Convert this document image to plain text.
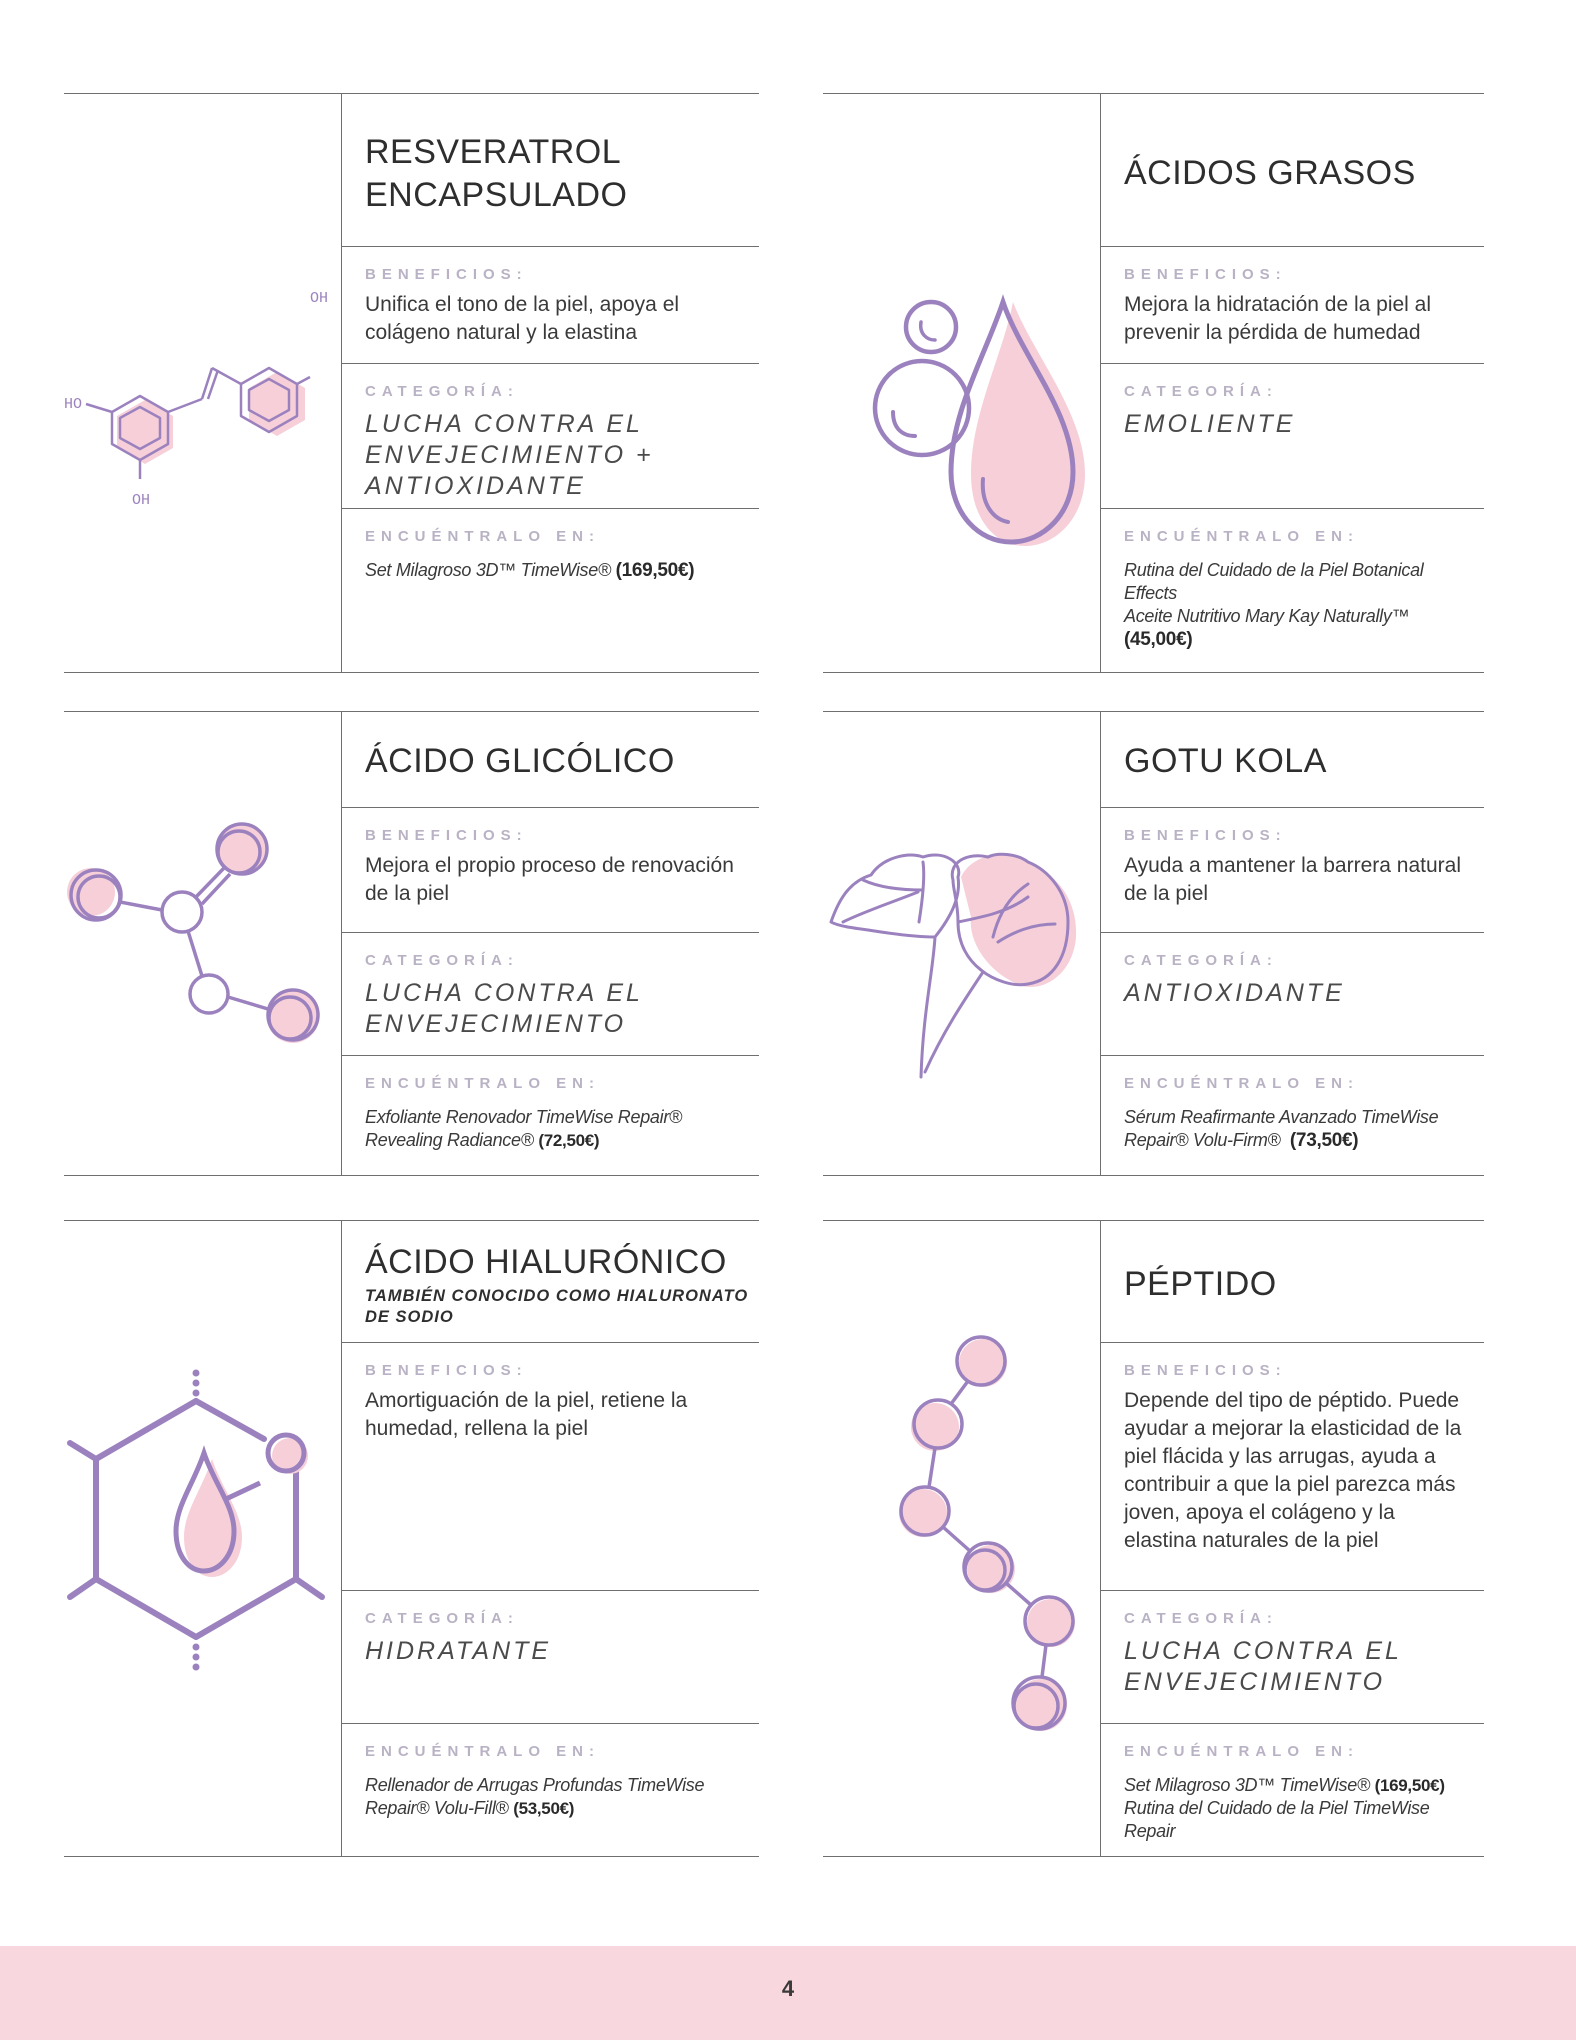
OH
HO
OH
RESVERATROL ENCAPSULADO
BENEFICIOS:
Unifica el tono de la piel, apoya el colágeno natural y la elastina
CATEGORÍA:
LUCHA CONTRA EL ENVEJECIMIENTO + ANTIOXIDANTE
ENCUÉNTRALO EN:
Set Milagroso 3D™ TimeWise® (169,50€)
ÁCIDOS GRASOS
BENEFICIOS:
Mejora la hidratación de la piel al prevenir la pérdida de humedad
CATEGORÍA:
EMOLIENTE
ENCUÉNTRALO EN:
Rutina del Cuidado de la Piel Botanical Effects
Aceite Nutritivo Mary Kay Naturally™
(45,00€)
ÁCIDO GLICÓLICO
BENEFICIOS:
Mejora el propio proceso de renovación de la piel
CATEGORÍA:
LUCHA CONTRA EL ENVEJECIMIENTO
ENCUÉNTRALO EN:
Exfoliante Renovador TimeWise Repair® Revealing Radiance® (72,50€)
GOTU KOLA
BENEFICIOS:
Ayuda a mantener la barrera natural de la piel
CATEGORÍA:
ANTIOXIDANTE
ENCUÉNTRALO EN:
Sérum Reafirmante Avanzado TimeWise Repair® Volu-Firm® (73,50€)
ÁCIDO HIALURÓNICO
TAMBIÉN CONOCIDO COMO HIALURONATO DE SODIO
BENEFICIOS:
Amortiguación de la piel, retiene la humedad, rellena la piel
CATEGORÍA:
HIDRATANTE
ENCUÉNTRALO EN:
Rellenador de Arrugas Profundas TimeWise Repair® Volu-Fill® (53,50€)
PÉPTIDO
BENEFICIOS:
Depende del tipo de péptido. Puede ayudar a mejorar la elasticidad de la piel flácida y las arrugas, ayuda a contribuir a que la piel parezca más joven, apoya el colágeno y la elastina naturales de la piel
CATEGORÍA:
LUCHA CONTRA EL ENVEJECIMIENTO
ENCUÉNTRALO EN:
Set Milagroso 3D™ TimeWise® (169,50€)
Rutina del Cuidado de la Piel TimeWise Repair
4
